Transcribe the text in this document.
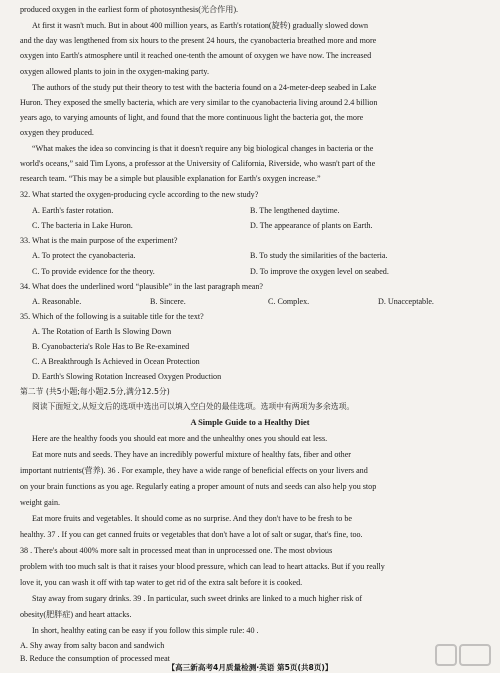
produced oxygen in the earliest form of photosynthesis(光合作用).
At first it wasn't much. But in about 400 million years, as Earth's rotation(旋转) gradually slowed down
and the day was lengthened from six hours to the present 24 hours, the cyanobacteria breathed more and more
oxygen into Earth's atmosphere until it reached one-tenth the amount of oxygen we have now. The increased
oxygen allowed plants to join in the oxygen-making party.
The authors of the study put their theory to test with the bacteria found on a 24-meter-deep seabed in Lake
Huron. They exposed the smelly bacteria, which are very similar to the cyanobacteria living around 2.4 billion
years ago, to varying amounts of light, and found that the more continuous light the bacteria got, the more
oxygen they produced.
“What makes the idea so convincing is that it doesn't require any big biological changes in bacteria or the
world's oceans,” said Tim Lyons, a professor at the University of California, Riverside, who wasn't part of the
research team. “This may be a simple but plausible explanation for Earth's oxygen increase.”
32. What started the oxygen-producing cycle according to the new study?
A. Earth's faster rotation.	B. The lengthened daytime.
C. The bacteria in Lake Huron.	D. The appearance of plants on Earth.
33. What is the main purpose of the experiment?
A. To protect the cyanobacteria.	B. To study the similarities of the bacteria.
C. To provide evidence for the theory.	D. To improve the oxygen level on seabed.
34. What does the underlined word “plausible” in the last paragraph mean?
A. Reasonable.	B. Sincere.	C. Complex.	D. Unacceptable.
35. Which of the following is a suitable title for the text?
A. The Rotation of Earth Is Slowing Down
B. Cyanobacteria's Role Has to Be Re-examined
C. A Breakthrough Is Achieved in Ocean Protection
D. Earth's Slowing Rotation Increased Oxygen Production
第二节 (共5小题;每小题2.5分,满分12.5分)
阅读下面短文,从短文后的选项中选出可以填入空白处的最佳选项。选项中有两项为多余选项。
A Simple Guide to a Healthy Diet
Here are the healthy foods you should eat more and the unhealthy ones you should eat less.
Eat more nuts and seeds. They have an incredibly powerful mixture of healthy fats, fiber and other
important nutrients(营养). 36 . For example, they have a wide range of beneficial effects on your livers and
on your brain functions as you age. Regularly eating a proper amount of nuts and seeds can also help you stop
weight gain.
Eat more fruits and vegetables. It should come as no surprise. And they don't have to be fresh to be
healthy. 37 . If you can get canned fruits or vegetables that don't have a lot of salt or sugar, that's fine, too.
38 . There's about 400% more salt in processed meat than in unprocessed one. The most obvious
problem with too much salt is that it raises your blood pressure, which can lead to heart attacks. But if you really
love it, you can wash it off with tap water to get rid of the extra salt before it is cooked.
Stay away from sugary drinks. 39 . In particular, such sweet drinks are linked to a much higher risk of
obesity(肥胖症) and heart attacks.
In short, healthy eating can be easy if you follow this simple rule: 40 .
A. Shy away from salty bacon and sandwich
B. Reduce the consumption of processed meat
【高三新高考4月质量检测·英语 第5页(共8页)】
